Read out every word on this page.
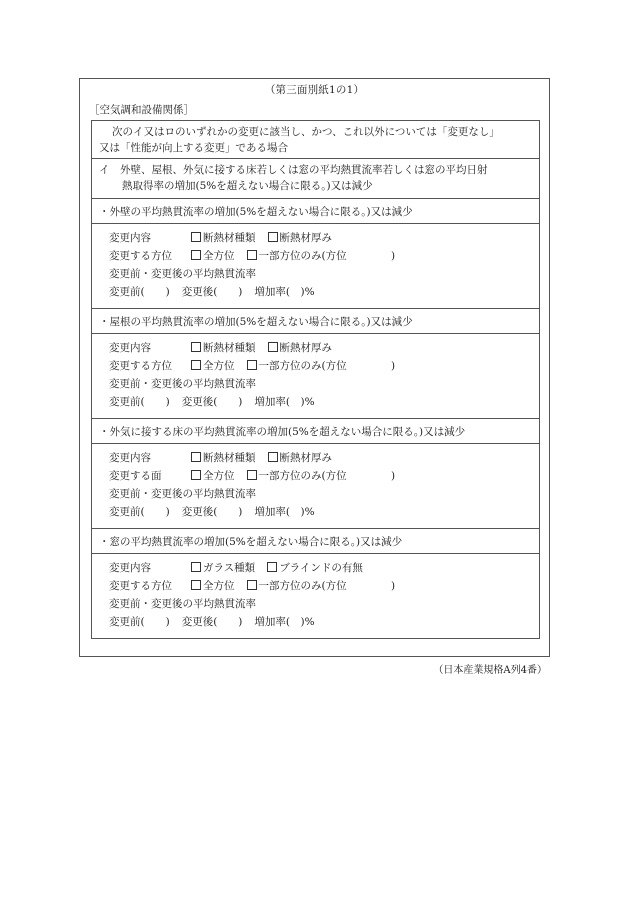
（第三面別紙1の1）
［空気調和設備関係］
次のイ又はロのいずれかの変更に該当し、かつ、これ以外については「変更なし」
又は「性能が向上する変更」である場合
イ　外壁、屋根、外気に接する床若しくは窓の平均熱貫流率若しくは窓の平均日射
熱取得率の増加(5%を超えない場合に限る。)又は減少
・外壁の平均熱貫流率の増加(5%を超えない場合に限る。)又は減少
変更内容	断熱材種類 断熱材厚み
変更する方位	全方位 一部方位のみ(方位	)
変更前・変更後の平均熱貫流率
変更前(　　) 変更後(　　) 増加率(　)%
・屋根の平均熱貫流率の増加(5%を超えない場合に限る。)又は減少
変更内容	断熱材種類 断熱材厚み
変更する方位	全方位 一部方位のみ(方位	)
変更前・変更後の平均熱貫流率
変更前(　　) 変更後(　　) 増加率(　)%
・外気に接する床の平均熱貫流率の増加(5%を超えない場合に限る。)又は減少
変更内容	断熱材種類 断熱材厚み
変更する面	全方位 一部方位のみ(方位	)
変更前・変更後の平均熱貫流率
変更前(　　) 変更後(　　) 増加率(　)%
・窓の平均熱貫流率の増加(5%を超えない場合に限る。)又は減少
変更内容	ガラス種類 ブラインドの有無
変更する方位	全方位 一部方位のみ(方位	)
変更前・変更後の平均熱貫流率
変更前(　　) 変更後(　　) 増加率(　)%
（日本産業規格A列4番）
